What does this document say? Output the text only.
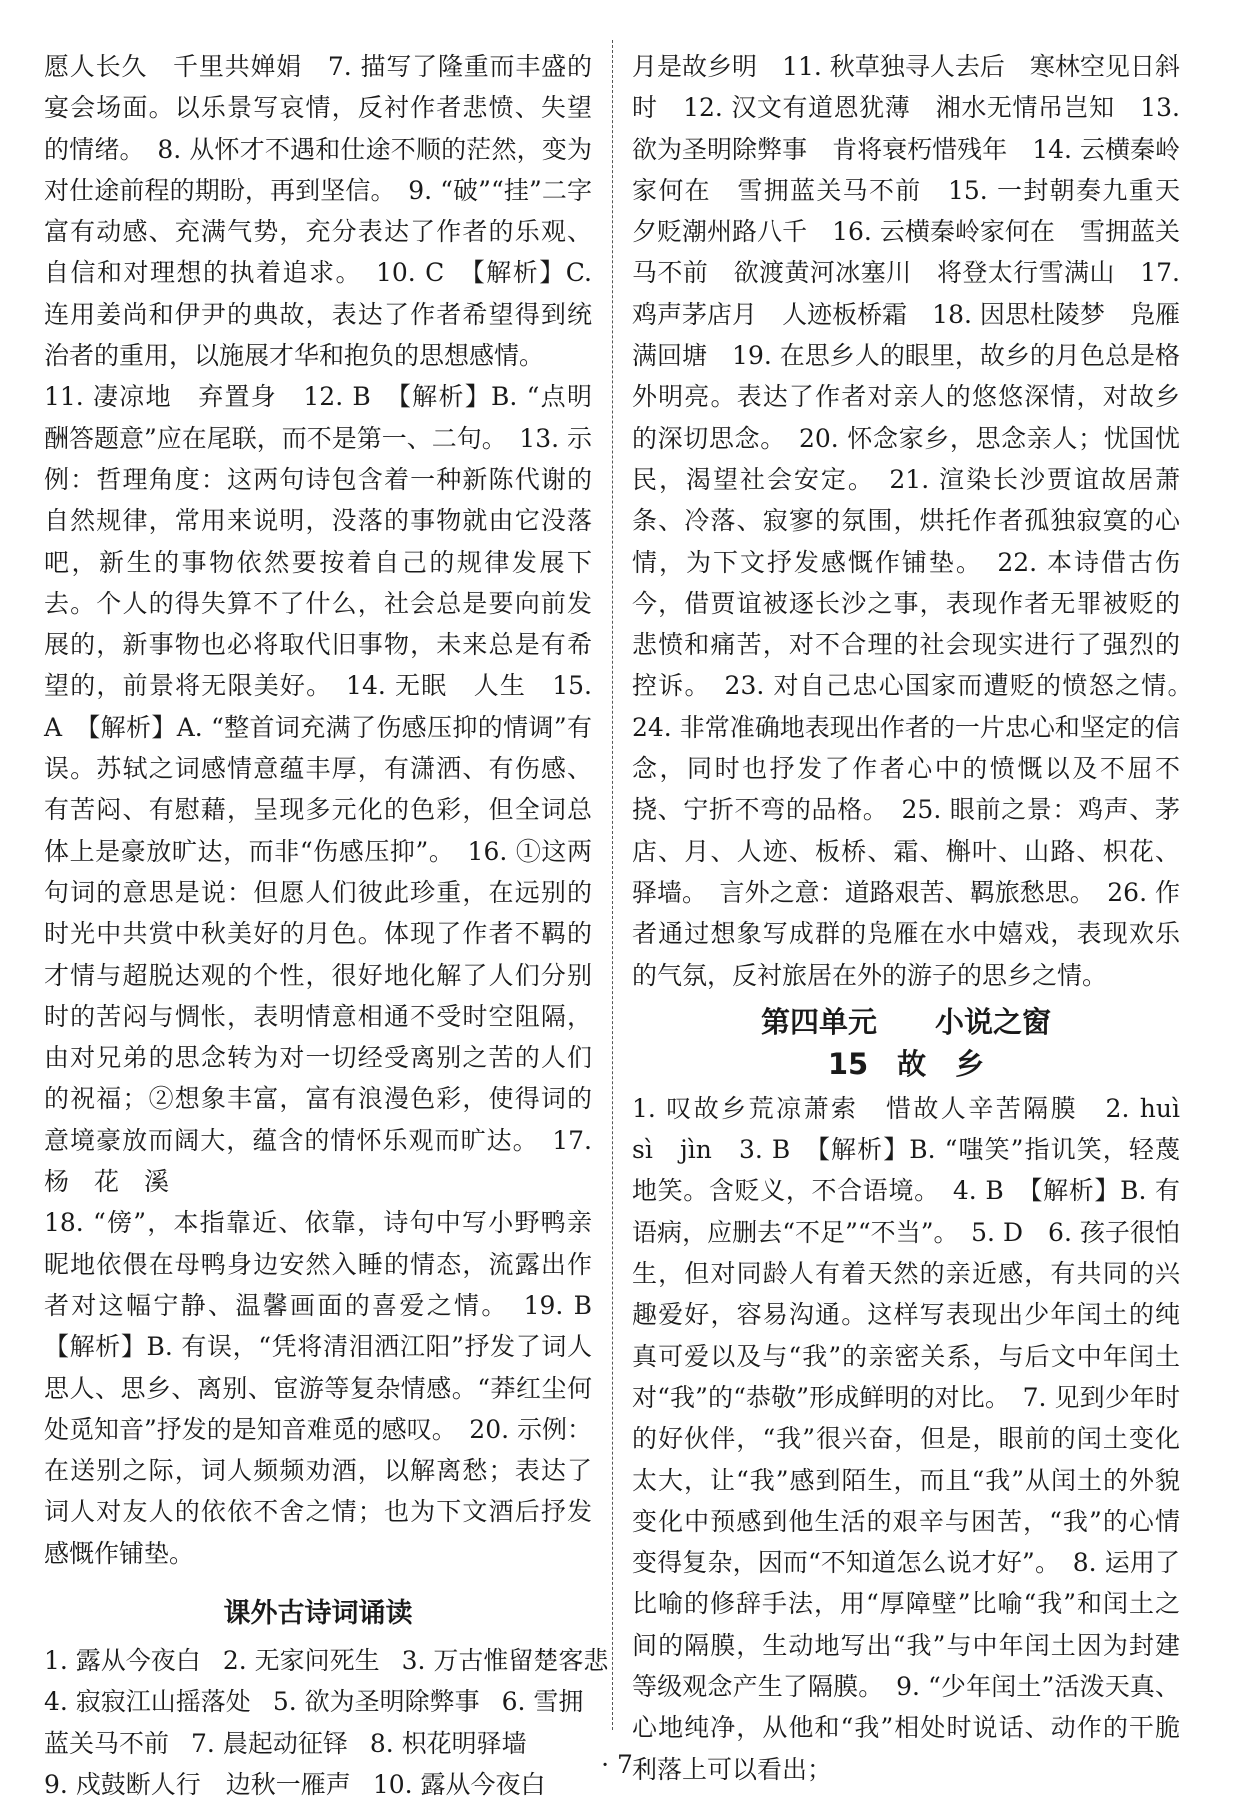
愿人长久　千里共婵娟　7. 描写了隆重而丰盛的宴会场面。以乐景写哀情，反衬作者悲愤、失望的情绪。　8. 从怀才不遇和仕途不顺的茫然，变为对仕途前程的期盼，再到坚信。　9. “破”“挂”二字富有动感、充满气势，充分表达了作者的乐观、自信和对理想的执着追求。　10. C　【解析】C. 连用姜尚和伊尹的典故，表达了作者希望得到统治者的重用，以施展才华和抱负的思想感情。

11. 凄凉地　弃置身　12. B　【解析】B. “点明酬答题意”应在尾联，而不是第一、二句。　13. 示例：哲理角度：这两句诗包含着一种新陈代谢的自然规律，常用来说明，没落的事物就由它没落吧，新生的事物依然要按着自己的规律发展下去。个人的得失算不了什么，社会总是要向前发展的，新事物也必将取代旧事物，未来总是有希望的，前景将无限美好。　14. 无眠　人生　15. A　【解析】A. “整首词充满了伤感压抑的情调”有误。苏轼之词感情意蕴丰厚，有潇洒、有伤感、有苦闷、有慰藉，呈现多元化的色彩，但全词总体上是豪放旷达，而非“伤感压抑”。　16. ①这两句词的意思是说：但愿人们彼此珍重，在远别的时光中共赏中秋美好的月色。体现了作者不羁的才情与超脱达观的个性，很好地化解了人们分别时的苦闷与惆怅，表明情意相通不受时空阻隔，由对兄弟的思念转为对一切经受离别之苦的人们的祝福；②想象丰富，富有浪漫色彩，使得词的意境豪放而阔大，蕴含的情怀乐观而旷达。　17. 杨　花　溪

18. “傍”，本指靠近、依靠，诗句中写小野鸭亲昵地依偎在母鸭身边安然入睡的情态，流露出作者对这幅宁静、温馨画面的喜爱之情。　19. B　【解析】B. 有误，“凭将清泪洒江阳”抒发了词人思人、思乡、离别、宦游等复杂情感。“莽红尘何处觅知音”抒发的是知音难觅的感叹。　20. 示例：在送别之际，词人频频劝酒，以解离愁；表达了词人对友人的依依不舍之情；也为下文酒后抒发感慨作铺垫。

课外古诗词诵读
1. 露从今夜白 2. 无家问死生 3. 万古惟留楚客悲
4. 寂寂江山摇落处 5. 欲为圣明除弊事 6. 雪拥
蓝关马不前 7. 晨起动征铎 8. 枳花明驿墙
9. 戍鼓断人行　边秋一雁声 10. 露从今夜白

月是故乡明　11. 秋草独寻人去后　寒林空见日斜时　12. 汉文有道恩犹薄　湘水无情吊岂知　13. 欲为圣明除弊事　肯将衰朽惜残年　14. 云横秦岭家何在　雪拥蓝关马不前　15. 一封朝奏九重天　夕贬潮州路八千　16. 云横秦岭家何在　雪拥蓝关马不前　欲渡黄河冰塞川　将登太行雪满山　17. 鸡声茅店月　人迹板桥霜　18. 因思杜陵梦　凫雁满回塘　19. 在思乡人的眼里，故乡的月色总是格外明亮。表达了作者对亲人的悠悠深情，对故乡的深切思念。　20. 怀念家乡，思念亲人；忧国忧民，渴望社会安定。　21. 渲染长沙贾谊故居萧条、冷落、寂寥的氛围，烘托作者孤独寂寞的心情，为下文抒发感慨作铺垫。　22. 本诗借古伤今，借贾谊被逐长沙之事，表现作者无罪被贬的悲愤和痛苦，对不合理的社会现实进行了强烈的控诉。　23. 对自己忠心国家而遭贬的愤怒之情。　24. 非常准确地表现出作者的一片忠心和坚定的信念，同时也抒发了作者心中的愤慨以及不屈不挠、宁折不弯的品格。　25. 眼前之景：鸡声、茅店、月、人迹、板桥、霜、槲叶、山路、枳花、驿墙。　言外之意：道路艰苦、羁旅愁思。　26. 作者通过想象写成群的凫雁在水中嬉戏，表现欢乐的气氛，反衬旅居在外的游子的思乡之情。

第四单元　　小说之窗
15　故　乡

1. 叹故乡荒凉萧索　惜故人辛苦隔膜　2. huì　sì　jìn　3. B　【解析】B. “嗤笑”指讥笑，轻蔑地笑。含贬义，不合语境。　4. B　【解析】B. 有语病，应删去“不足”“不当”。　5. D　6. 孩子很怕生，但对同龄人有着天然的亲近感，有共同的兴趣爱好，容易沟通。这样写表现出少年闰土的纯真可爱以及与“我”的亲密关系，与后文中年闰土对“我”的“恭敬”形成鲜明的对比。　7. 见到少年时的好伙伴，“我”很兴奋，但是，眼前的闰土变化太大，让“我”感到陌生，而且“我”从闰土的外貌变化中预感到他生活的艰辛与困苦，“我”的心情变得复杂，因而“不知道怎么说才好”。　8. 运用了比喻的修辞手法，用“厚障壁”比喻“我”和闰土之间的隔膜，生动地写出“我”与中年闰土因为封建等级观念产生了隔膜。　9. “少年闰土”活泼天真、心地纯净，从他和“我”相处时说话、动作的干脆利落上可以看出；

· 7 ·
